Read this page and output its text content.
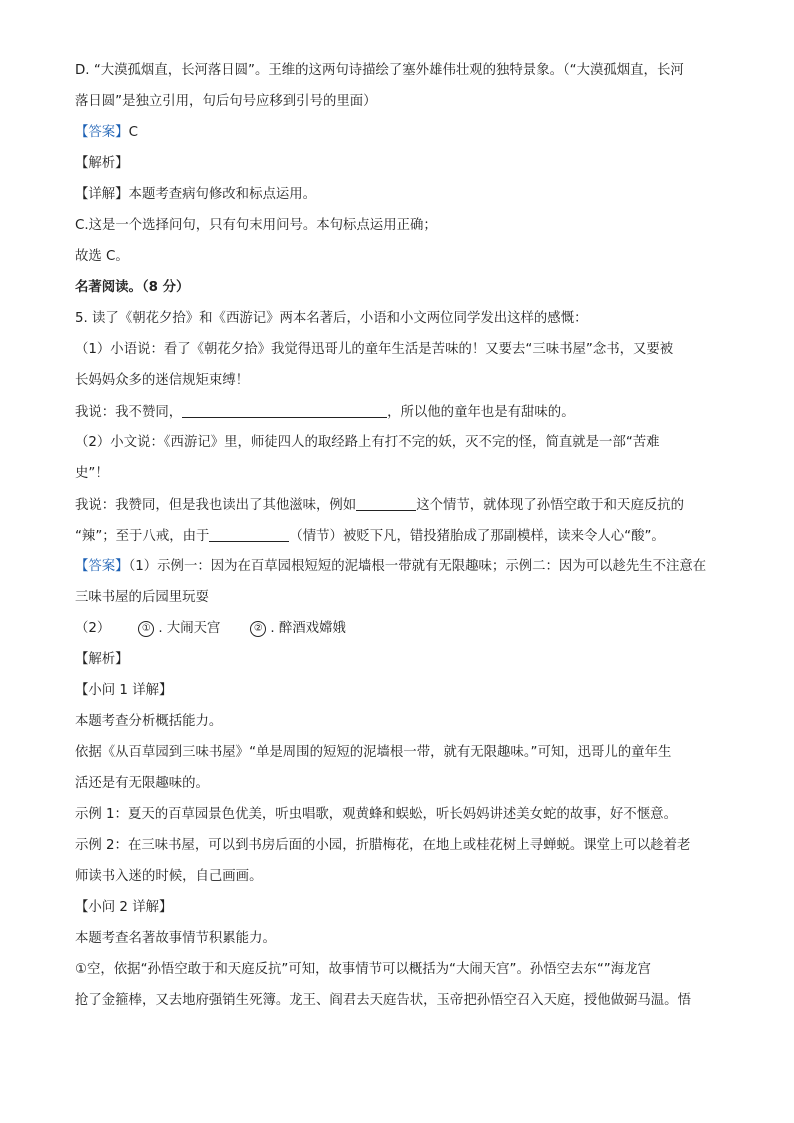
D. “大漠孤烟直，长河落日圆”。王维的这两句诗描绘了塞外雄伟壮观的独特景象。（“大漠孤烟直，长河
落日圆”是独立引用，句后句号应移到引号的里面）
【答案】C
【解析】
【详解】本题考查病句修改和标点运用。
C.这是一个选择问句，只有句末用问号。本句标点运用正确；
故选 C。
名著阅读。（8 分）
5. 读了《朝花夕拾》和《西游记》两本名著后，小语和小文两位同学发出这样的感慨：
（1）小语说：看了《朝花夕拾》我觉得迅哥儿的童年生活是苦味的！又要去“三味书屋”念书，又要被
长妈妈众多的迷信规矩束缚！
我说：我不赞同，	，所以他的童年也是有甜味的。
（2）小文说：《西游记》里，师徒四人的取经路上有打不完的妖，灭不完的怪，简直就是一部“苦难
史”！
我说：我赞同，但是我也读出了其他滋味，例如	这个情节，就体现了孙悟空敢于和天庭反抗的
“辣”；至于八戒，由于	（情节）被贬下凡，错投猪胎成了那副模样，读来令人心“酸”。
【答案】（1）示例一：因为在百草园根短短的泥墙根一带就有无限趣味；示例二：因为可以趁先生不注意在
三味书屋的后园里玩耍
（2）	① . 大闹天宫	② . 醉酒戏嫦娥
【解析】
【小问 1 详解】
本题考查分析概括能力。
依据《从百草园到三味书屋》“单是周围的短短的泥墙根一带，就有无限趣味。”可知，迅哥儿的童年生
活还是有无限趣味的。
示例 1：夏天的百草园景色优美，听虫唱歌，观黄蜂和蜈蚣，听长妈妈讲述美女蛇的故事，好不惬意。
示例 2：在三味书屋，可以到书房后面的小园，折腊梅花，在地上或桂花树上寻蝉蜕。课堂上可以趁着老
师读书入迷的时候，自己画画。
【小问 2 详解】
本题考查名著故事情节积累能力。
①空，依据“孙悟空敢于和天庭反抗”可知，故事情节可以概括为“大闹天宫”。孙悟空去东“”海龙宫
抢了金箍棒，又去地府强销生死簿。龙王、阎君去天庭告状，玉帝把孙悟空召入天庭，授他做弼马温。悟
